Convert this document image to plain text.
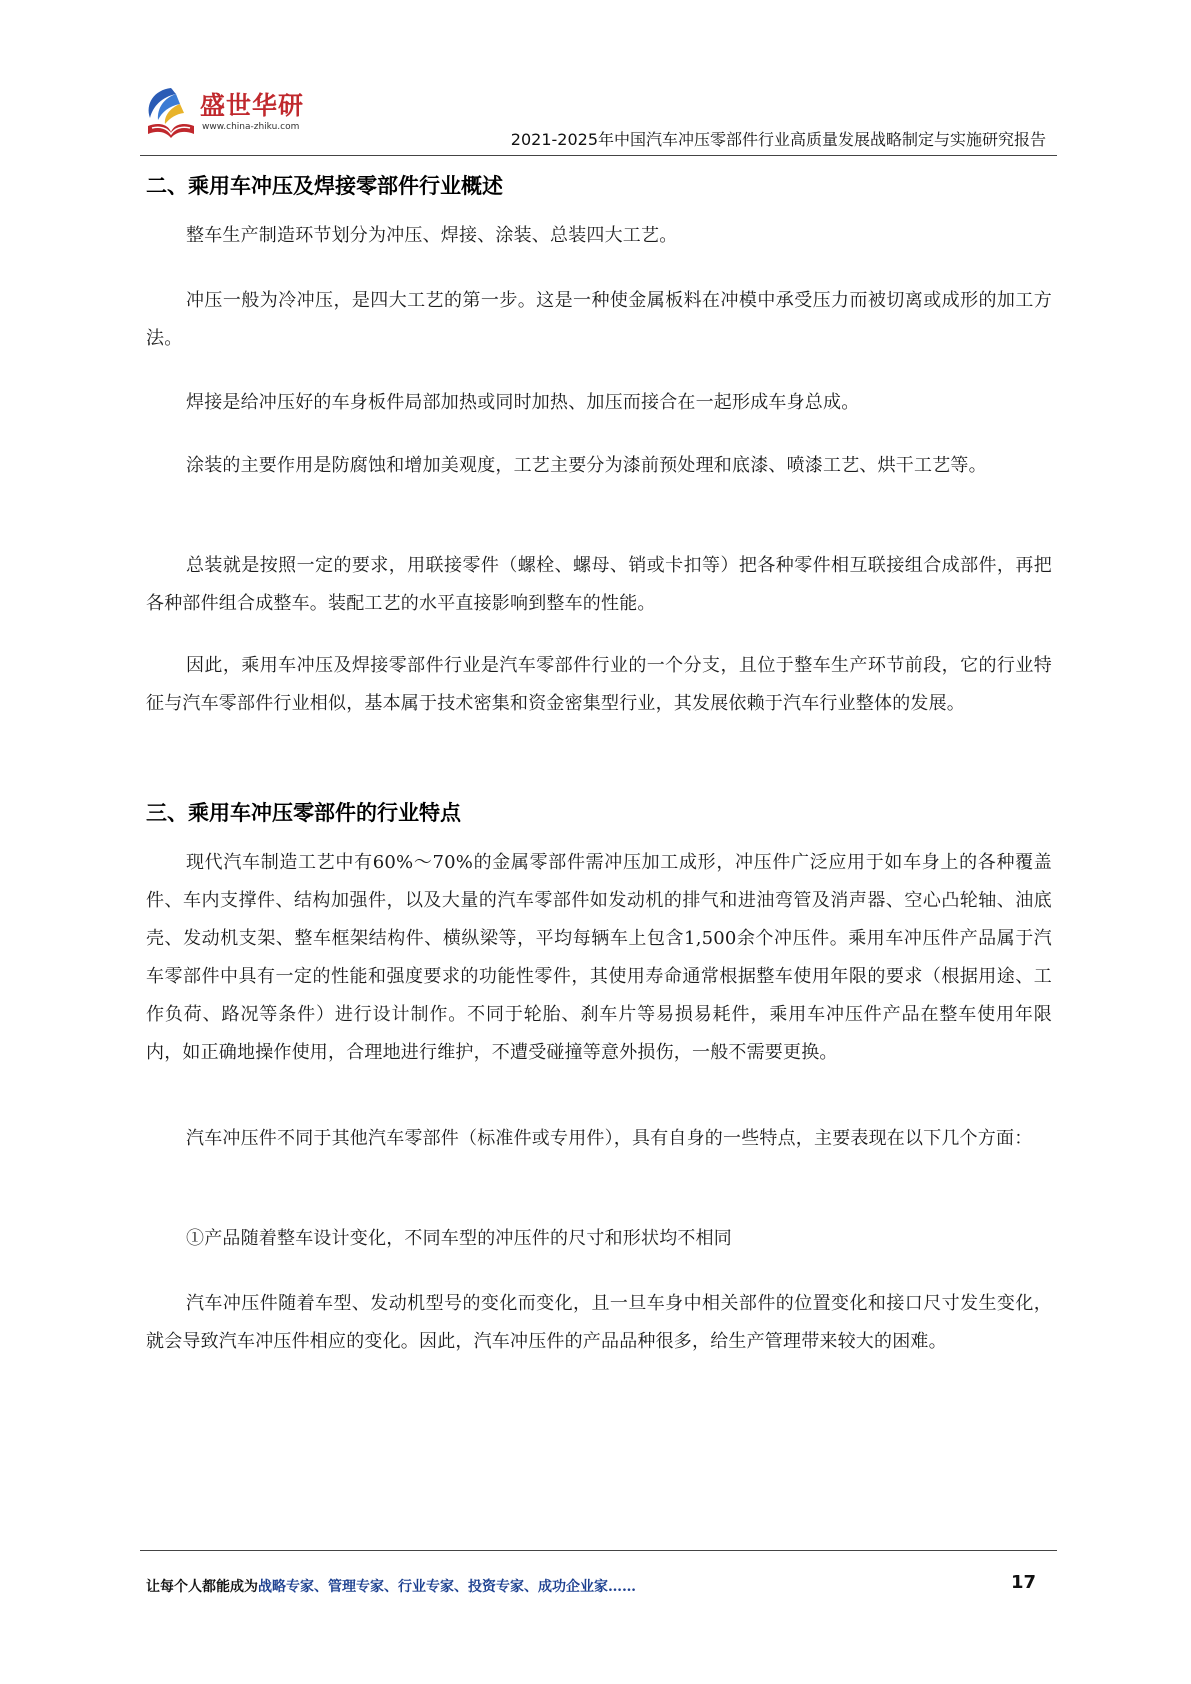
盛世华研
www.china-zhiku.com
2021-2025年中国汽车冲压零部件行业高质量发展战略制定与实施研究报告
二、乘用车冲压及焊接零部件行业概述

整车生产制造环节划分为冲压、焊接、涂装、总装四大工艺。

冲压一般为冷冲压，是四大工艺的第一步。这是一种使金属板料在冲模中承受压力而被切离或成形的加工方法。

焊接是给冲压好的车身板件局部加热或同时加热、加压而接合在一起形成车身总成。

涂装的主要作用是防腐蚀和增加美观度，工艺主要分为漆前预处理和底漆、喷漆工艺、烘干工艺等。

总装就是按照一定的要求，用联接零件（螺栓、螺母、销或卡扣等）把各种零件相互联接组合成部件，再把各种部件组合成整车。装配工艺的水平直接影响到整车的性能。

因此，乘用车冲压及焊接零部件行业是汽车零部件行业的一个分支，且位于整车生产环节前段，它的行业特征与汽车零部件行业相似，基本属于技术密集和资金密集型行业，其发展依赖于汽车行业整体的发展。

三、乘用车冲压零部件的行业特点

现代汽车制造工艺中有60%～70%的金属零部件需冲压加工成形，冲压件广泛应用于如车身上的各种覆盖件、车内支撑件、结构加强件，以及大量的汽车零部件如发动机的排气和进油弯管及消声器、空心凸轮轴、油底壳、发动机支架、整车框架结构件、横纵梁等，平均每辆车上包含1,500余个冲压件。乘用车冲压件产品属于汽车零部件中具有一定的性能和强度要求的功能性零件，其使用寿命通常根据整车使用年限的要求（根据用途、工作负荷、路况等条件）进行设计制作。不同于轮胎、刹车片等易损易耗件，乘用车冲压件产品在整车使用年限内，如正确地操作使用，合理地进行维护，不遭受碰撞等意外损伤，一般不需要更换。

汽车冲压件不同于其他汽车零部件（标准件或专用件），具有自身的一些特点，主要表现在以下几个方面：

①产品随着整车设计变化，不同车型的冲压件的尺寸和形状均不相同

汽车冲压件随着车型、发动机型号的变化而变化，且一旦车身中相关部件的位置变化和接口尺寸发生变化，就会导致汽车冲压件相应的变化。因此，汽车冲压件的产品品种很多，给生产管理带来较大的困难。

让每个人都能成为战略专家、管理专家、行业专家、投资专家、成功企业家……	17
